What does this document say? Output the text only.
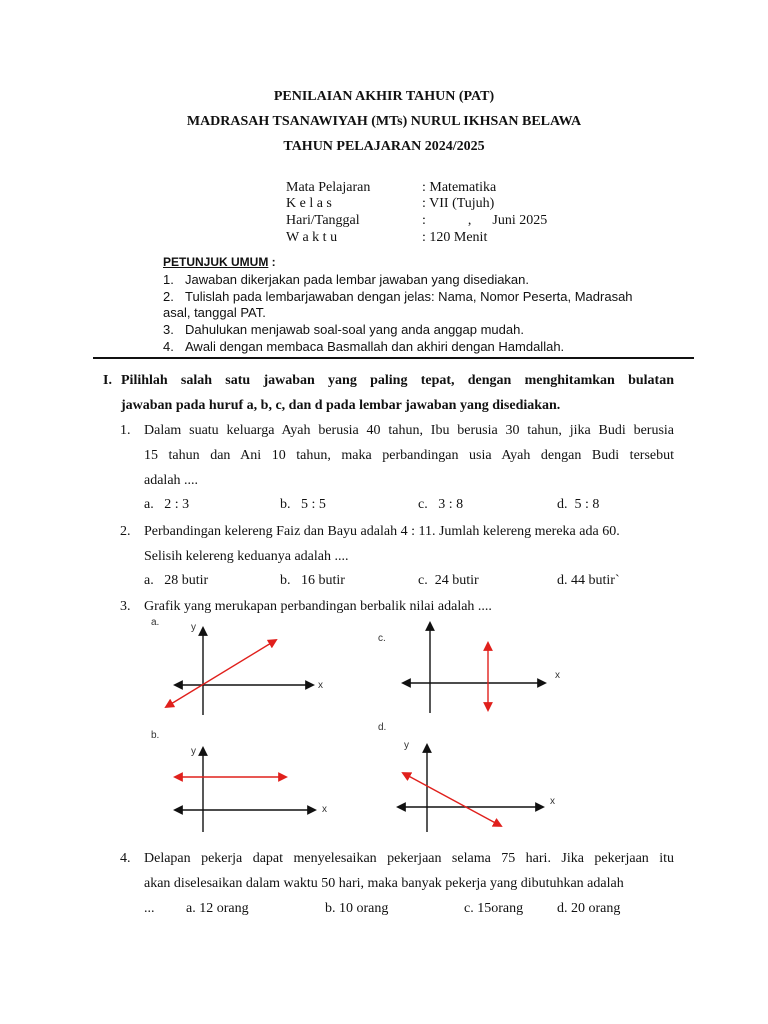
PENILAIAN AKHIR TAHUN (PAT)
MADRASAH TSANAWIYAH (MTs) NURUL IKHSAN BELAWA
TAHUN PELAJARAN 2024/2025
Mata Pelajaran	: Matematika
K e l a s	: VII (Tujuh)
Hari/Tanggal	:            ,      Juni 2025
W a k t u	: 120 Menit
PETUNJUK UMUM :
1. Jawaban dikerjakan pada lembar jawaban yang disediakan.
2. Tulislah pada lembarjawaban dengan jelas: Nama, Nomor Peserta, Madrasah
asal, tanggal PAT.
3. Dahulukan menjawab soal-soal yang anda anggap mudah.
4. Awali dengan membaca Basmallah dan akhiri dengan Hamdallah.
I. Pilihlah salah satu jawaban yang paling tepat, dengan menghitamkan bulatan
jawaban pada huruf a, b, c, dan d pada lembar jawaban yang disediakan.
1. Dalam suatu keluarga Ayah berusia 40 tahun, Ibu berusia 30 tahun, jika Budi berusia
15 tahun dan Ani 10 tahun, maka perbandingan usia Ayah dengan Budi tersebut
adalah ....
a.   2 : 3	b.   5 : 5	c.   3 : 8	d.  5 : 8
2. Perbandingan kelereng Faiz dan Bayu adalah 4 : 11. Jumlah kelereng mereka ada 60.
Selisih kelereng keduanya adalah ....
a.   28 butir	b.   16 butir	c.  24 butir	d. 44 butir`
3. Grafik yang merukapan perbandingan berbalik nilai adalah ....
a.	y
x
c.
x
b.
y
x
d.
y
x
4. Delapan pekerja dapat menyelesaikan pekerjaan selama 75 hari. Jika pekerjaan itu
akan diselesaikan dalam waktu 50 hari, maka banyak pekerja yang dibutuhkan adalah
... a. 12 orang	b. 10 orang	c. 15orang d. 20 orang
